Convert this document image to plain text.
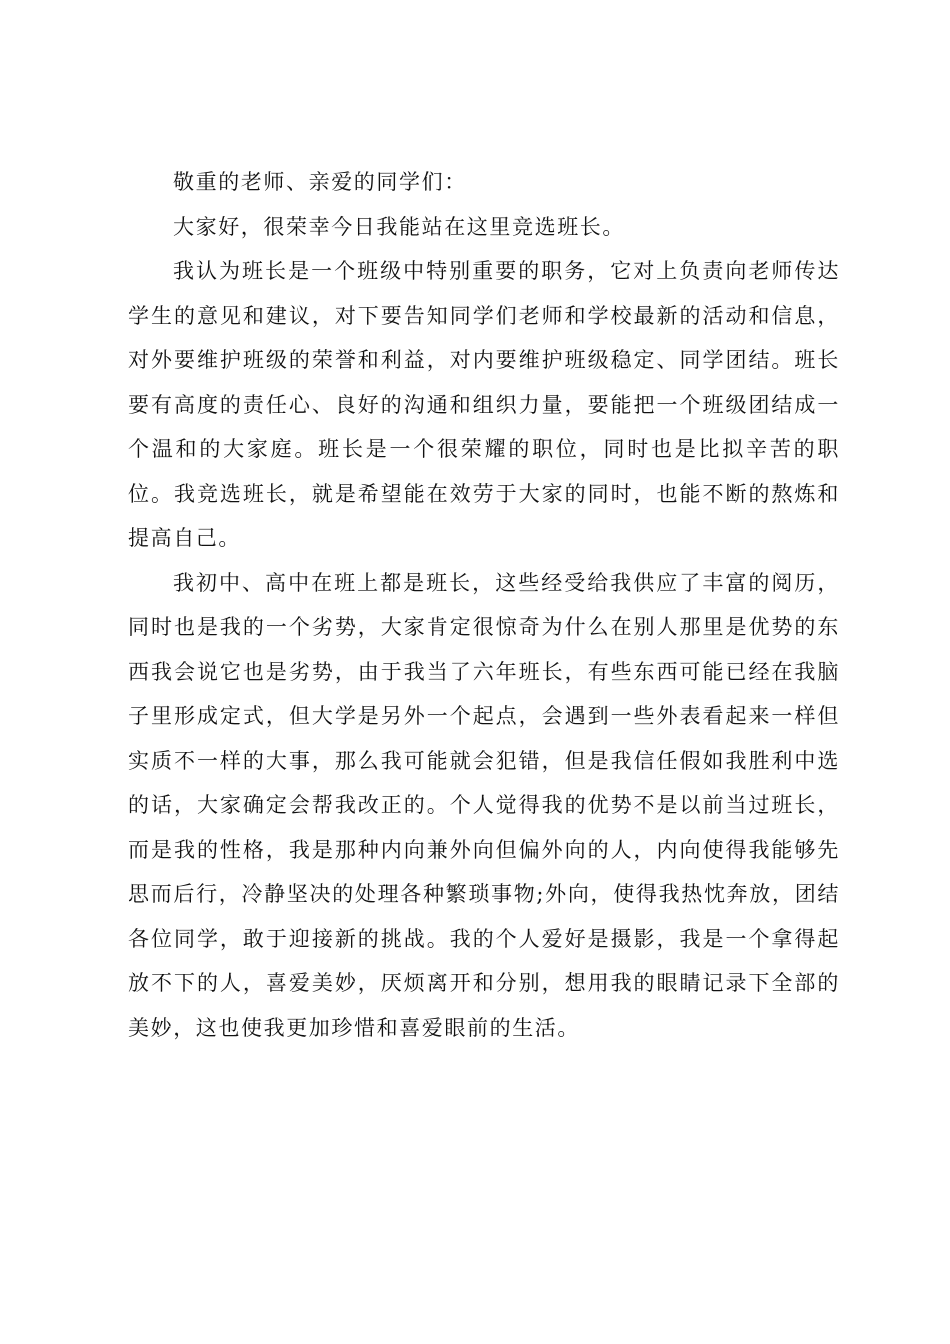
敬重的老师、亲爱的同学们：

大家好，很荣幸今日我能站在这里竞选班长。

我认为班长是一个班级中特别重要的职务，它对上负责向老师传达学生的意见和建议，对下要告知同学们老师和学校最新的活动和信息，对外要维护班级的荣誉和利益，对内要维护班级稳定、同学团结。班长要有高度的责任心、良好的沟通和组织力量，要能把一个班级团结成一个温和的大家庭。班长是一个很荣耀的职位，同时也是比拟辛苦的职位。我竞选班长，就是希望能在效劳于大家的同时，也能不断的熬炼和提高自己。

我初中、高中在班上都是班长，这些经受给我供应了丰富的阅历，同时也是我的一个劣势，大家肯定很惊奇为什么在别人那里是优势的东西我会说它也是劣势，由于我当了六年班长，有些东西可能已经在我脑子里形成定式，但大学是另外一个起点，会遇到一些外表看起来一样但实质不一样的大事，那么我可能就会犯错，但是我信任假如我胜利中选的话，大家确定会帮我改正的。个人觉得我的优势不是以前当过班长，而是我的性格，我是那种内向兼外向但偏外向的人，内向使得我能够先思而后行，冷静坚决的处理各种繁琐事物;外向，使得我热忱奔放，团结各位同学，敢于迎接新的挑战。我的个人爱好是摄影，我是一个拿得起放不下的人，喜爱美妙，厌烦离开和分别，想用我的眼睛记录下全部的美妙，这也使我更加珍惜和喜爱眼前的生活。
